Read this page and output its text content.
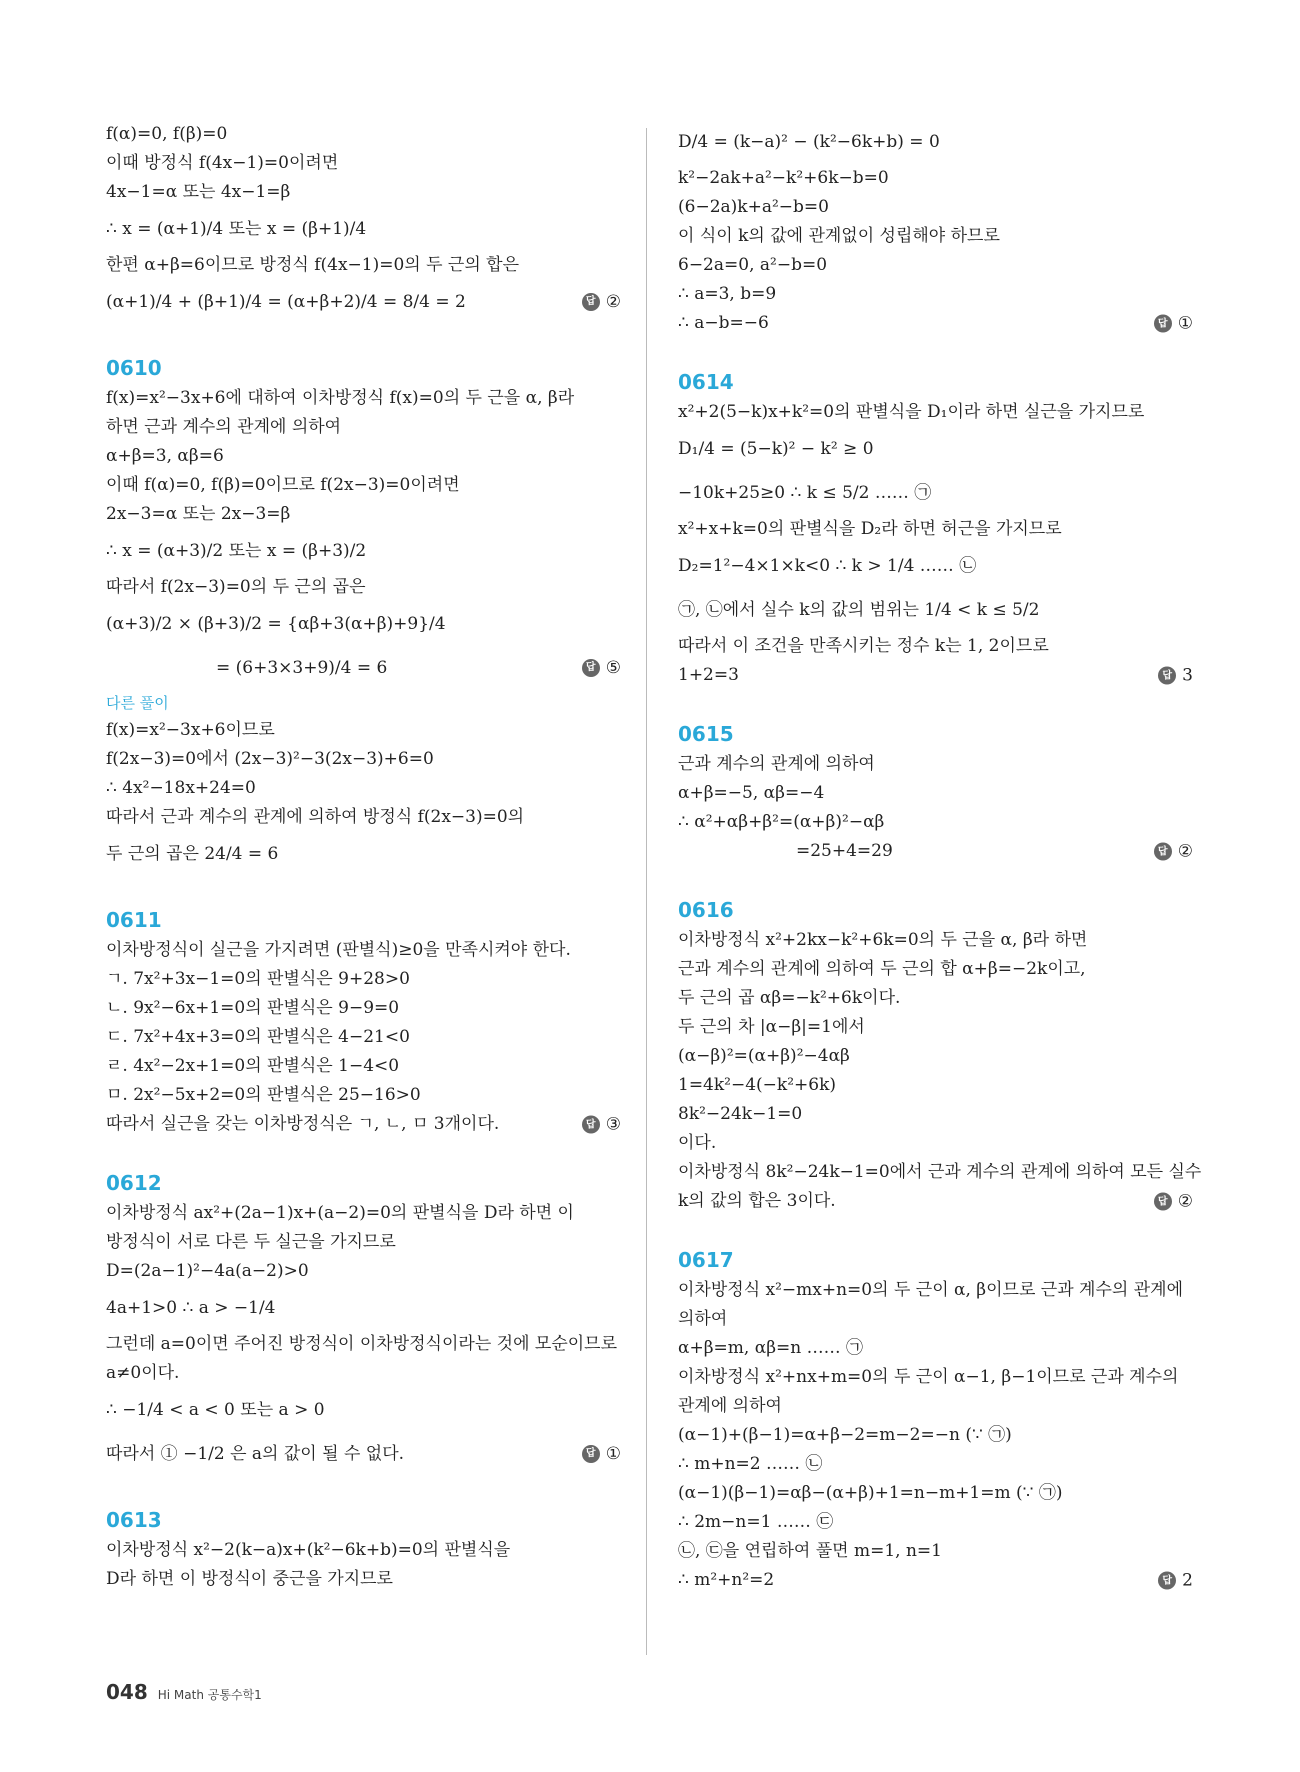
f(α)=0, f(β)=0
이때 방정식 f(4x−1)=0이려면
4x−1=α 또는 4x−1=β
∴ x = (α+1)/4 또는 x = (β+1)/4
한편 α+β=6이므로 방정식 f(4x−1)=0의 두 근의 합은
(α+1)/4 + (β+1)/4 = (α+β+2)/4 = 8/4 = 2	답 ②
0610
f(x)=x²−3x+6에 대하여 이차방정식 f(x)=0의 두 근을 α, β라
하면 근과 계수의 관계에 의하여
α+β=3, αβ=6
이때 f(α)=0, f(β)=0이므로 f(2x−3)=0이려면
2x−3=α 또는 2x−3=β
∴ x = (α+3)/2 또는 x = (β+3)/2
따라서 f(2x−3)=0의 두 근의 곱은
(α+3)/2 × (β+3)/2 = {αβ+3(α+β)+9}/4
= (6+3×3+9)/4 = 6	답 ⑤
다른 풀이
f(x)=x²−3x+6이므로
f(2x−3)=0에서 (2x−3)²−3(2x−3)+6=0
∴ 4x²−18x+24=0
따라서 근과 계수의 관계에 의하여 방정식 f(2x−3)=0의
두 근의 곱은 24/4 = 6
0611
이차방정식이 실근을 가지려면 (판별식)≥0을 만족시켜야 한다.
ㄱ. 7x²+3x−1=0의 판별식은 9+28>0
ㄴ. 9x²−6x+1=0의 판별식은 9−9=0
ㄷ. 7x²+4x+3=0의 판별식은 4−21<0
ㄹ. 4x²−2x+1=0의 판별식은 1−4<0
ㅁ. 2x²−5x+2=0의 판별식은 25−16>0
따라서 실근을 갖는 이차방정식은 ㄱ, ㄴ, ㅁ 3개이다.	답 ③
0612
이차방정식 ax²+(2a−1)x+(a−2)=0의 판별식을 D라 하면 이
방정식이 서로 다른 두 실근을 가지므로
D=(2a−1)²−4a(a−2)>0
4a+1>0 ∴ a > −1/4
그런데 a=0이면 주어진 방정식이 이차방정식이라는 것에 모순이므로
a≠0이다.
∴ −1/4 < a < 0 또는 a > 0
따라서 ① −1/2 은 a의 값이 될 수 없다.	답 ①
0613
이차방정식 x²−2(k−a)x+(k²−6k+b)=0의 판별식을
D라 하면 이 방정식이 중근을 가지므로
D/4 = (k−a)² − (k²−6k+b) = 0
k²−2ak+a²−k²+6k−b=0
(6−2a)k+a²−b=0
이 식이 k의 값에 관계없이 성립해야 하므로
6−2a=0, a²−b=0
∴ a=3, b=9
∴ a−b=−6	답 ①
0614
x²+2(5−k)x+k²=0의 판별식을 D₁이라 하면 실근을 가지므로
D₁/4 = (5−k)² − k² ≥ 0
−10k+25≥0 ∴ k ≤ 5/2 …… ㉠
x²+x+k=0의 판별식을 D₂라 하면 허근을 가지므로
D₂=1²−4×1×k<0 ∴ k > 1/4 …… ㉡
㉠, ㉡에서 실수 k의 값의 범위는 1/4 < k ≤ 5/2
따라서 이 조건을 만족시키는 정수 k는 1, 2이므로
1+2=3	답 3
0615
근과 계수의 관계에 의하여
α+β=−5, αβ=−4
∴ α²+αβ+β²=(α+β)²−αβ
=25+4=29	답 ②
0616
이차방정식 x²+2kx−k²+6k=0의 두 근을 α, β라 하면
근과 계수의 관계에 의하여 두 근의 합 α+β=−2k이고,
두 근의 곱 αβ=−k²+6k이다.
두 근의 차 |α−β|=1에서
(α−β)²=(α+β)²−4αβ
1=4k²−4(−k²+6k)
8k²−24k−1=0
이다.
이차방정식 8k²−24k−1=0에서 근과 계수의 관계에 의하여 모든 실수
k의 값의 합은 3이다.	답 ②
0617
이차방정식 x²−mx+n=0의 두 근이 α, β이므로 근과 계수의 관계에
의하여
α+β=m, αβ=n …… ㉠
이차방정식 x²+nx+m=0의 두 근이 α−1, β−1이므로 근과 계수의
관계에 의하여
(α−1)+(β−1)=α+β−2=m−2=−n (∵ ㉠)
∴ m+n=2 …… ㉡
(α−1)(β−1)=αβ−(α+β)+1=n−m+1=m (∵ ㉠)
∴ 2m−n=1 …… ㉢
㉡, ㉢을 연립하여 풀면 m=1, n=1
∴ m²+n²=2	답 2
048 Hi Math 공통수학1
